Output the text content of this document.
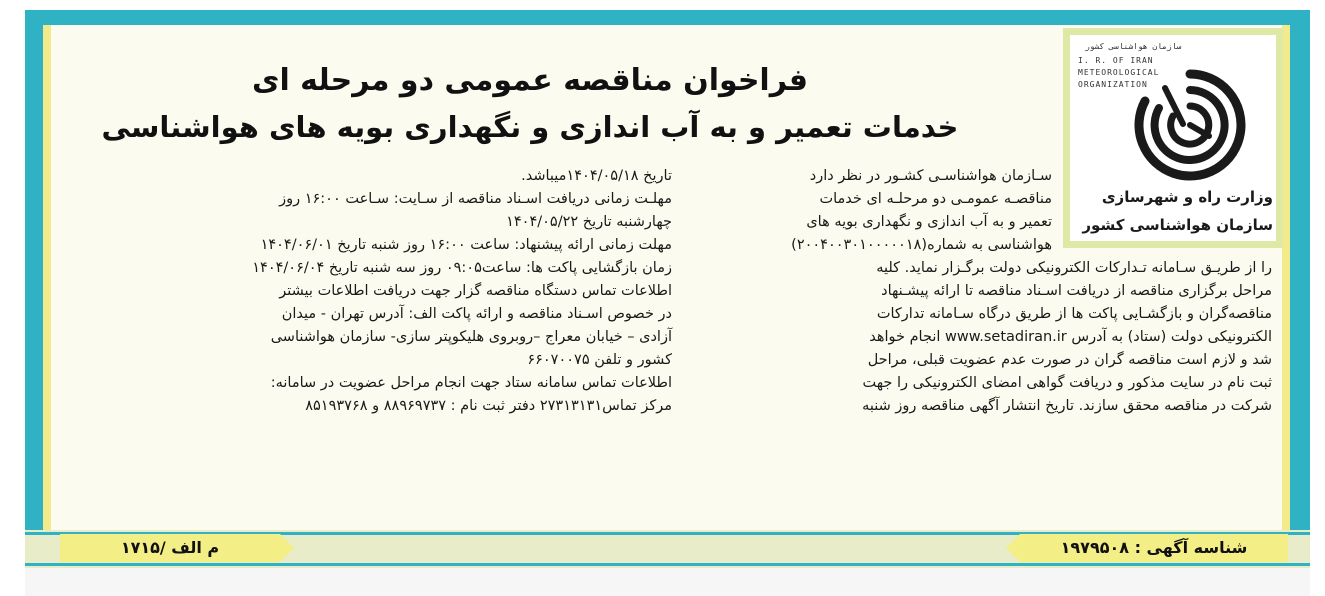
سازمان هواشناسی کشور
I. R. OF IRAN
METEOROLOGICAL
ORGANIZATION
وزارت راه و شهرسازی
سازمان هواشناسی کشور
فراخوان مناقصه عمومی دو مرحله ای
خدمات تعمیر و به آب اندازی و نگهداری بویه های هواشناسی
سـازمان هواشناسـی کشـور در نظر دارد
مناقصـه عمومـی دو مرحلـه ای خدمات
تعمیر و به آب اندازی و نگهداری بویه های
هواشناسی به شماره(۲۰۰۴۰۰۳۰۱۰۰۰۰۰۱۸)
را از طریـق سـامانه تـدارکات الکترونیکی دولت برگـزار نماید. کلیه
مراحل برگزاری مناقصه از دریافت اسـناد مناقصه تا ارائه پیشـنهاد
مناقصه‌گران و بازگشـایی پاکت ها از طریق درگاه سـامانه تدارکات
الکترونیکی دولت (ستاد) به آدرس www.setadiran.ir انجام خواهد
شد و لازم است مناقصه گران در صورت عدم عضویت قبلی، مراحل
ثبت نام در سایت مذکور و دریافت گواهی امضای الکترونیکی را جهت
شرکت در مناقصه محقق سازند. تاریخ انتشار آگهی مناقصه روز شنبه
تاریخ ۱۴۰۴/۰۵/۱۸میباشد.
مهلـت زمانی دریافت اسـناد مناقصه از سـایت: سـاعت ۱۶:۰۰ روز
چهارشنبه تاریخ ۱۴۰۴/۰۵/۲۲
مهلت زمانی ارائه پیشنهاد: ساعت ۱۶:۰۰ روز شنبه تاریخ ۱۴۰۴/۰۶/۰۱
زمان بازگشایی پاکت ها: ساعت۰۹:۰۵ روز سه شنبه تاریخ ۱۴۰۴/۰۶/۰۴
اطلاعات تماس دستگاه مناقصه گزار جهت دریافت اطلاعات بیشتر
در خصوص اسـناد مناقصه و ارائه پاکت الف: آدرس تهران - میدان
آزادی – خیابان معراج –روبروی هلیکوپتر سازی- سازمان هواشناسی
کشور و تلفن ۶۶۰۷۰۰۷۵
اطلاعات تماس سامانه ستاد جهت انجام مراحل عضویت در سامانه:
مرکز تماس۲۷۳۱۳۱۳۱ دفتر ثبت نام : ۸۸۹۶۹۷۳۷ و ۸۵۱۹۳۷۶۸
شناسه آگهی : ۱۹۷۹۵۰۸
م الف /۱۷۱۵
